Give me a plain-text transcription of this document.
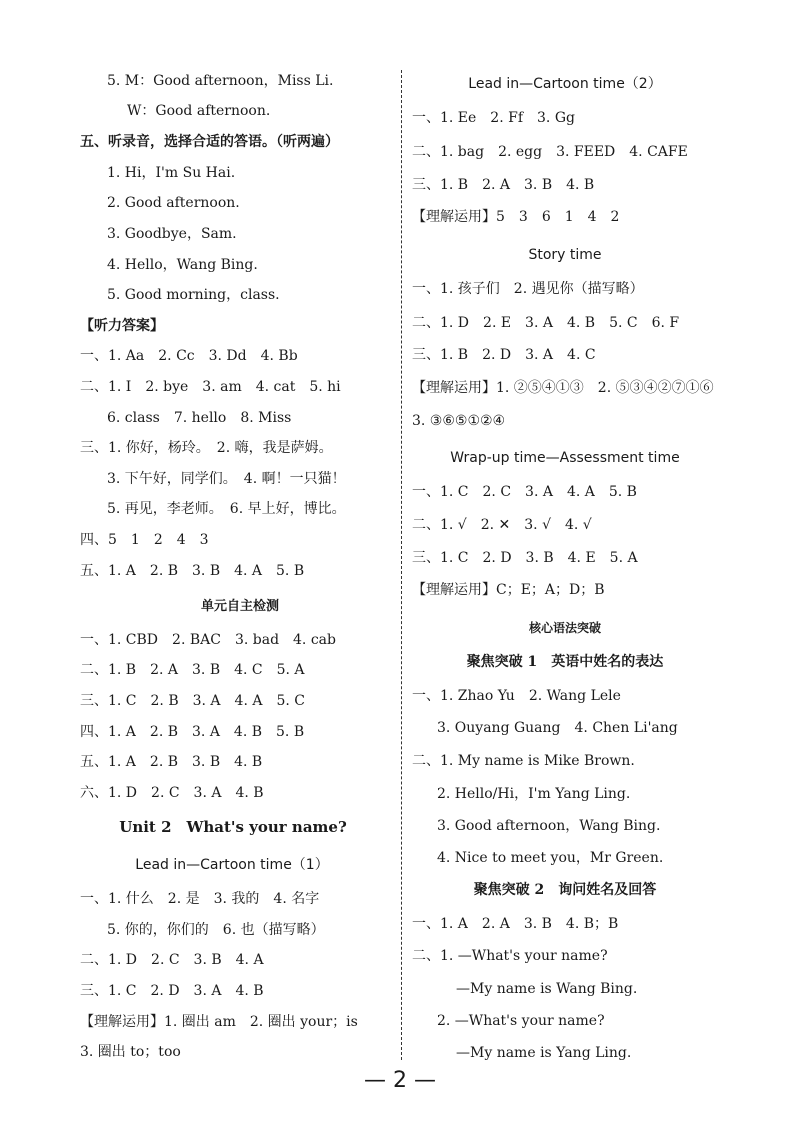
5. M：Good afternoon，Miss Li.
W：Good afternoon.
五、听录音，选择合适的答语。（听两遍）
1. Hi，I'm Su Hai.
2. Good afternoon.
3. Goodbye，Sam.
4. Hello，Wang Bing.
5. Good morning，class.
【听力答案】
一、1. Aa　2. Cc　3. Dd　4. Bb
二、1. I　2. bye　3. am　4. cat　5. hi
6. class　7. hello　8. Miss
三、1. 你好，杨玲。　2. 嗨，我是萨姆。
3. 下午好，同学们。　4. 啊！一只猫！
5. 再见，李老师。　6. 早上好，博比。
四、5　1　2　4　3
五、1. A　2. B　3. B　4. A　5. B
单元自主检测
一、1. CBD　2. BAC　3. bad　4. cab
二、1. B　2. A　3. B　4. C　5. A
三、1. C　2. B　3. A　4. A　5. C
四、1. A　2. B　3. A　4. B　5. B
五、1. A　2. B　3. B　4. B
六、1. D　2. C　3. A　4. B
Unit 2　What's your name?
Lead in—Cartoon time（1）
一、1. 什么　2. 是　3. 我的　4. 名字
5. 你的，你们的　6. 也（描写略）
二、1. D　2. C　3. B　4. A
三、1. C　2. D　3. A　4. B
【理解运用】1. 圈出 am　2. 圈出 your；is
3. 圈出 to；too
Lead in—Cartoon time（2）
一、1. Ee　2. Ff　3. Gg
二、1. bag　2. egg　3. FEED　4. CAFE
三、1. B　2. A　3. B　4. B
【理解运用】5　3　6　1　4　2
Story time
一、1. 孩子们　2. 遇见你（描写略）
二、1. D　2. E　3. A　4. B　5. C　6. F
三、1. B　2. D　3. A　4. C
【理解运用】1. ②⑤④①③　2. ⑤③④②⑦①⑥
3. ③⑥⑤①②④
Wrap-up time—Assessment time
一、1. C　2. C　3. A　4. A　5. B
二、1. √　2. ✕　3. √　4. √
三、1. C　2. D　3. B　4. E　5. A
【理解运用】C；E；A；D；B
核心语法突破
聚焦突破 1　英语中姓名的表达
一、1. Zhao Yu　2. Wang Lele
3. Ouyang Guang　4. Chen Li'ang
二、1. My name is Mike Brown.
2. Hello/Hi，I'm Yang Ling.
3. Good afternoon，Wang Bing.
4. Nice to meet you，Mr Green.
聚焦突破 2　询问姓名及回答
一、1. A　2. A　3. B　4. B；B
二、1. —What's your name?
—My name is Wang Bing.
2. —What's your name?
—My name is Yang Ling.
— 2 —
